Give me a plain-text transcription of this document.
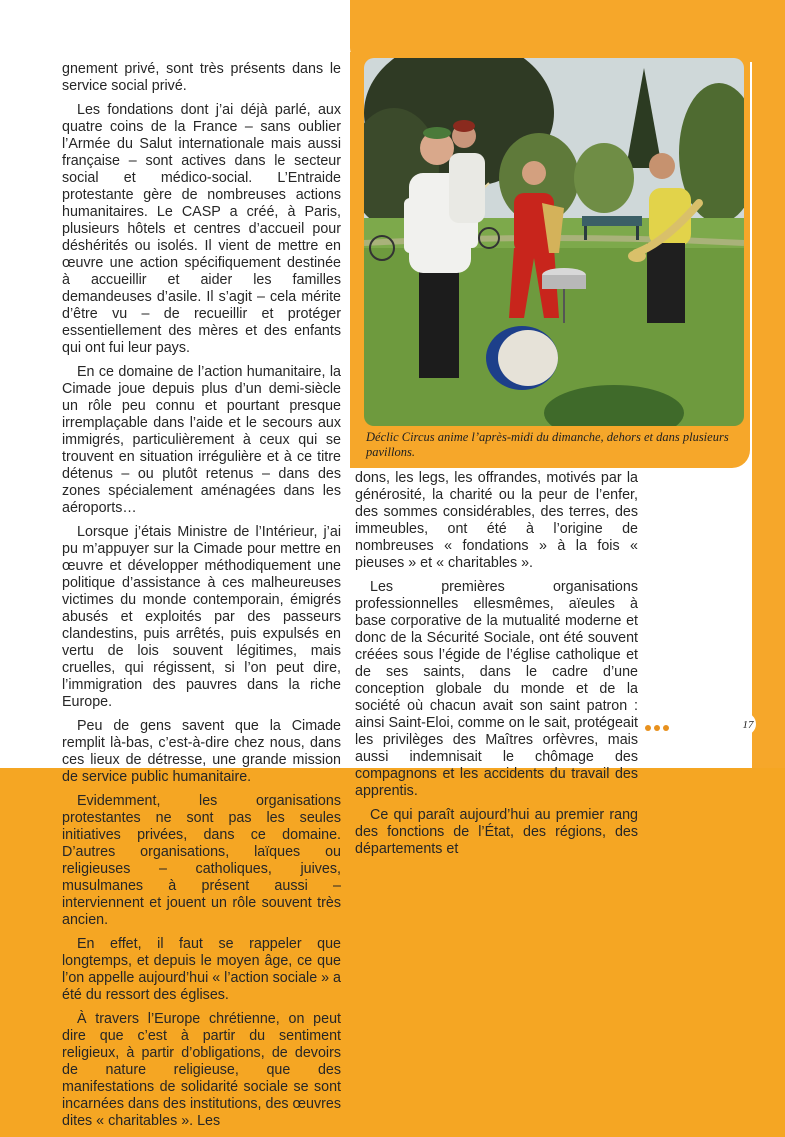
Déclic Circus anime l’après-midi du dimanche, dehors et dans plusieurs pavillons.

gnement privé, sont très présents dans le service social privé.

Les fondations dont j’ai déjà parlé, aux quatre coins de la France – sans oublier l’Armée du Salut internationale mais aussi française – sont actives dans le secteur social et médico-social. L’Entraide protestante gère de nombreuses actions humanitaires. Le CASP a créé, à Paris, plusieurs hôtels et centres d’accueil pour déshérités ou isolés. Il vient de mettre en œuvre une action spécifiquement destinée à accueillir et aider les familles demandeuses d’asile. Il s’agit – cela mérite d’être vu – de recueillir et protéger essentiellement des mères et des enfants qui ont fui leur pays.

En ce domaine de l’action humanitaire, la Cimade joue depuis plus d’un demi-siècle un rôle peu connu et pourtant presque irremplaçable dans l’aide et le secours aux immigrés, particulièrement à ceux qui se trouvent en situation irrégulière et à ce titre détenus – ou plutôt retenus – dans des zones spécialement aménagées dans les aéroports…

Lorsque j’étais Ministre de l’Intérieur, j’ai pu m’appuyer sur la Cimade pour mettre en œuvre et développer méthodiquement une politique d’assistance à ces malheureuses victimes du monde contemporain, émigrés abusés et exploités par des passeurs clandestins, puis arrêtés, puis expulsés en vertu de lois souvent légitimes, mais cruelles, qui régissent, si l’on peut dire, l’immigration des pauvres dans la riche Europe.

Peu de gens savent que la Cimade remplit là-bas, c’est-à-dire chez nous, dans ces lieux de détresse, une grande mission de service public humanitaire.

Evidemment, les organisations protestantes ne sont pas les seules initiatives privées, dans ce domaine. D’autres organisations, laïques ou religieuses – catholiques, juives, musulmanes à présent aussi – interviennent et jouent un rôle souvent très ancien.

En effet, il faut se rappeler que longtemps, et depuis le moyen âge, ce que l’on appelle aujourd’hui « l’action sociale » a été du ressort des églises.

À travers l’Europe chrétienne, on peut dire que c’est à partir du sentiment religieux, à partir d’obligations, de devoirs de nature religieuse, que des manifestations de solidarité sociale se sont incarnées dans des institutions, des œuvres dites « charitables ». Les

dons, les legs, les offrandes, motivés par la générosité, la charité ou la peur de l’enfer, des sommes considérables, des terres, des immeubles, ont été à l’origine de nombreuses « fondations » à la fois « pieuses » et « charitables ».

Les premières organisations professionnelles ellesmêmes, aïeules à base corporative de la mutualité moderne et donc de la Sécurité Sociale, ont été souvent créées sous l’égide de l’église catholique et de ses saints, dans le cadre d’une conception globale du monde et de la société où chacun avait son saint patron : ainsi Saint-Eloi, comme on le sait, protégeait les privilèges des Maîtres orfèvres, mais aussi indemnisait le chômage des compagnons et les accidents du travail des apprentis.

Ce qui paraît aujourd’hui au premier rang des fonctions de l’État, des régions, des départements et

17
